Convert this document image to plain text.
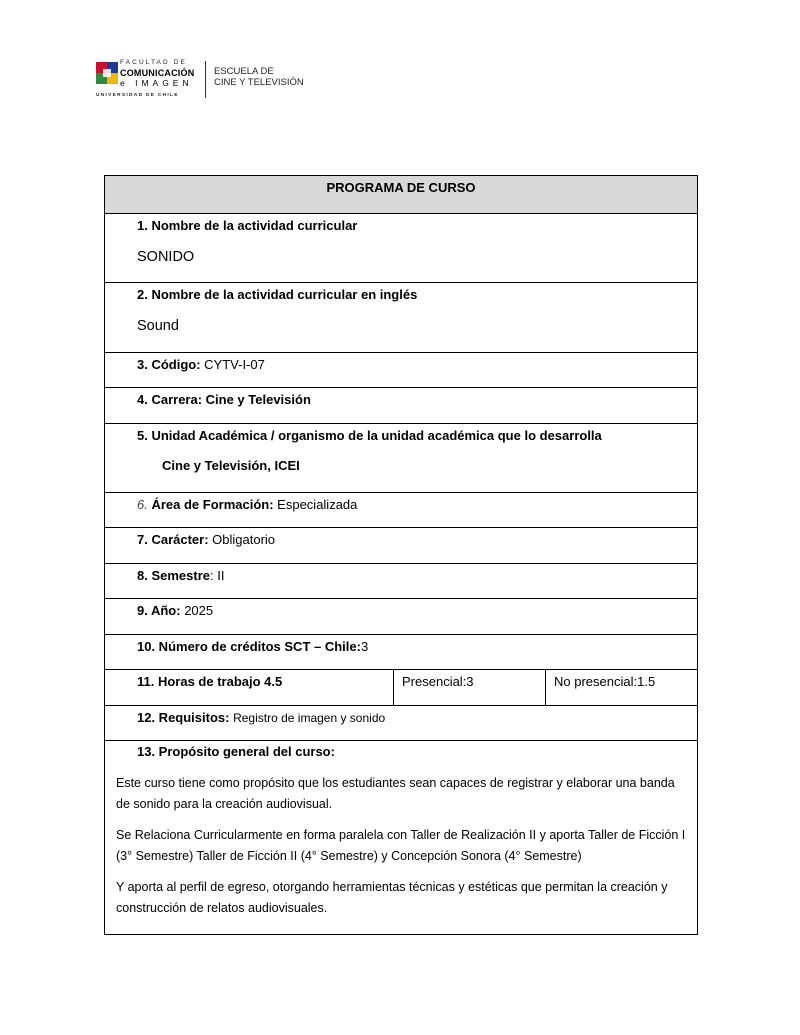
FACULTAD DE
COMUNICACIÓN
e IMAGEN
UNIVERSIDAD DE CHILE
ESCUELA DE
CINE Y TELEVISIÓN
PROGRAMA DE CURSO
1. Nombre de la actividad curricular
SONIDO
2. Nombre de la actividad curricular en inglés
Sound
3. Código: CYTV-I-07
4. Carrera: Cine y Televisión
5. Unidad Académica / organismo de la unidad académica que lo desarrolla
Cine y Televisión, ICEI
6. Área de Formación: Especializada
7. Carácter: Obligatorio
8. Semestre: II
9. Año: 2025
10. Número de créditos SCT – Chile:3
11. Horas de trabajo 4.5	Presencial:3	No presencial:1.5
12. Requisitos: Registro de imagen y sonido
13. Propósito general del curso:

Este curso tiene como propósito que los estudiantes sean capaces de registrar y elaborar una banda de sonido para la creación audiovisual.

Se Relaciona Curricularmente en forma paralela con Taller de Realización II y aporta Taller de Ficción I (3° Semestre) Taller de Ficción II (4° Semestre) y Concepción Sonora (4° Semestre)

Y aporta al perfil de egreso, otorgando herramientas técnicas y estéticas que permitan la creación y construcción de relatos audiovisuales.
